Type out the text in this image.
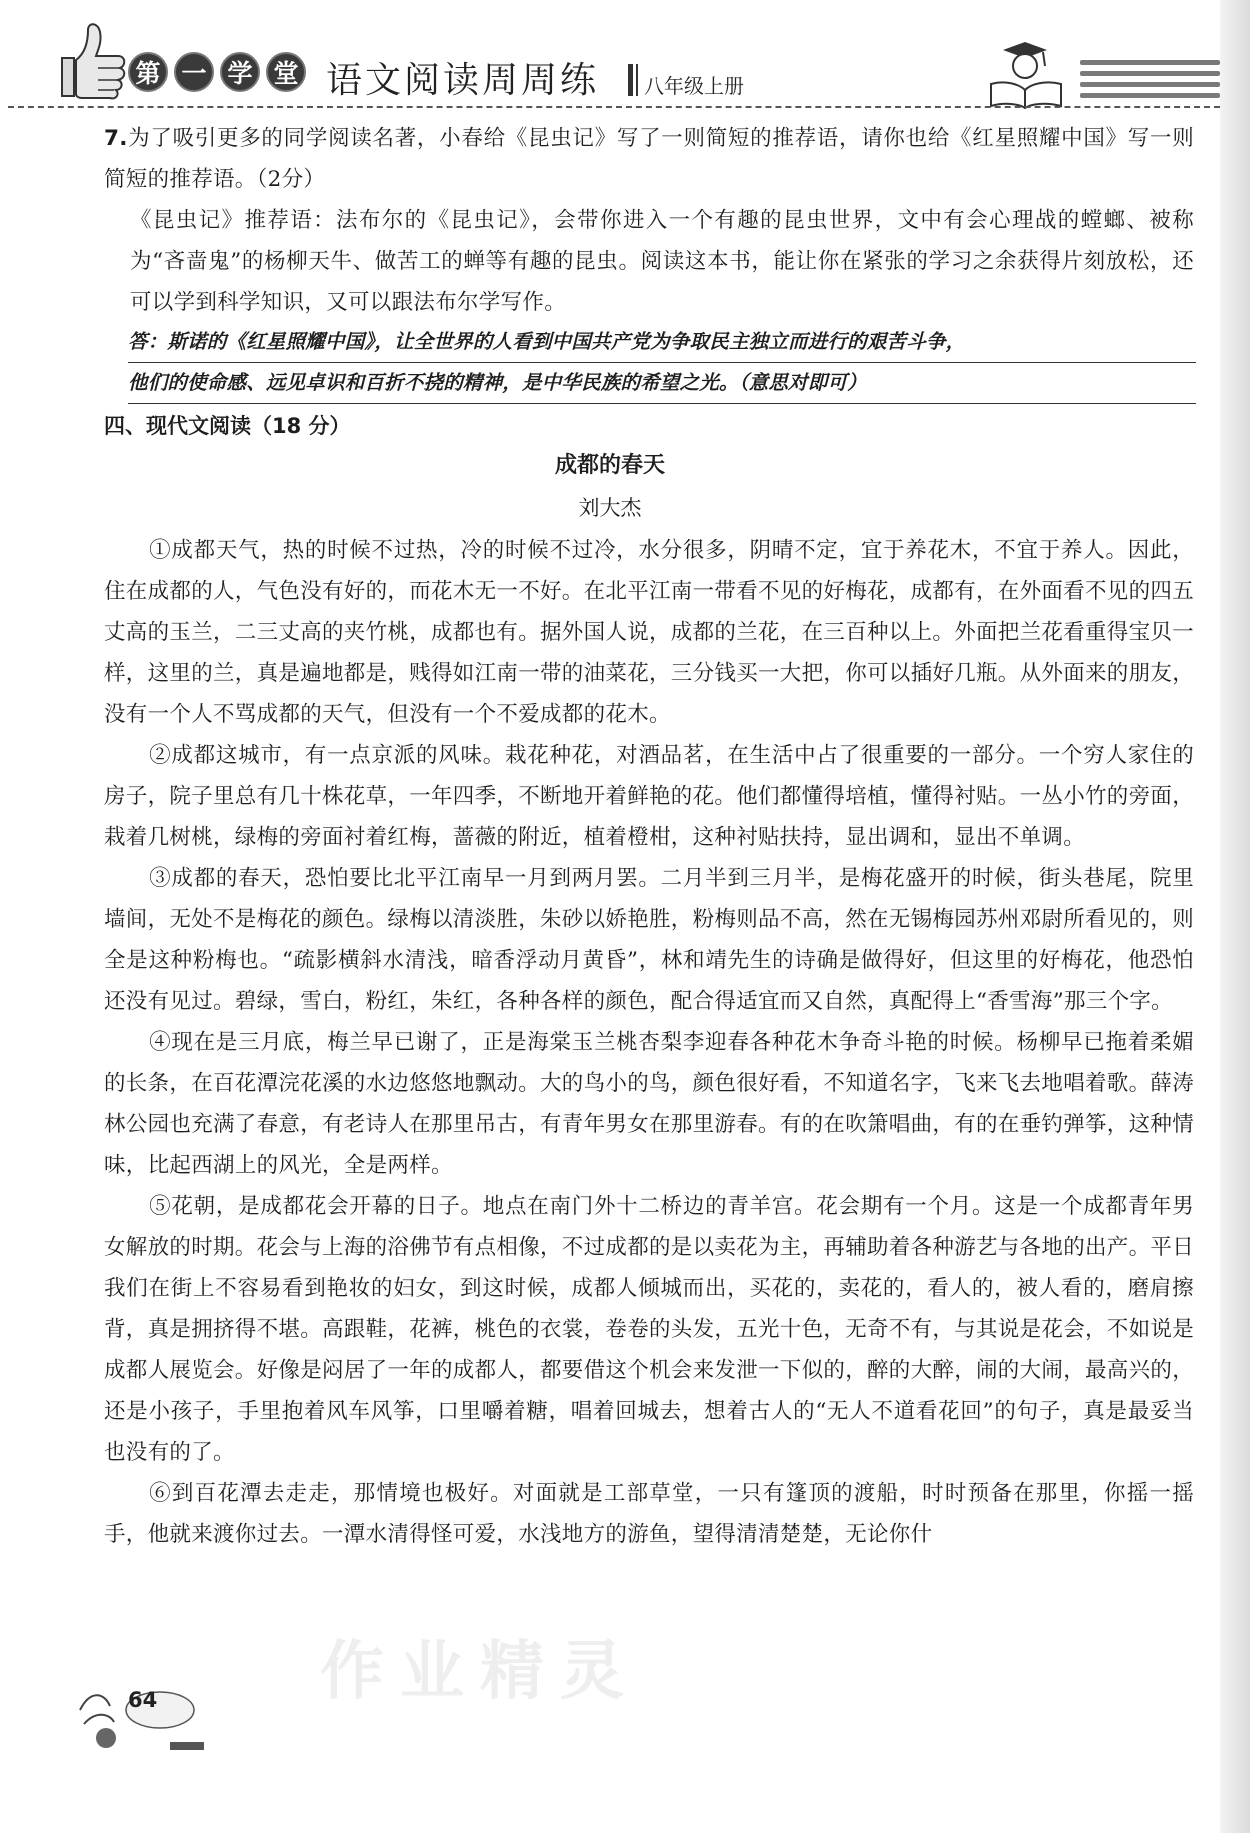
第 一 学 堂 语文阅读周周练 八年级上册

7.为了吸引更多的同学阅读名著，小春给《昆虫记》写了一则简短的推荐语，请你也给《红星照耀中国》写一则简短的推荐语。（2分）

《昆虫记》推荐语：法布尔的《昆虫记》，会带你进入一个有趣的昆虫世界，文中有会心理战的螳螂、被称为“吝啬鬼”的杨柳天牛、做苦工的蝉等有趣的昆虫。阅读这本书，能让你在紧张的学习之余获得片刻放松，还可以学到科学知识，又可以跟法布尔学写作。

答：斯诺的《红星照耀中国》，让全世界的人看到中国共产党为争取民主独立而进行的艰苦斗争，

他们的使命感、远见卓识和百折不挠的精神，是中华民族的希望之光。（意思对即可）

四、现代文阅读（18 分）
成都的春天
刘大杰

①成都天气，热的时候不过热，冷的时候不过冷，水分很多，阴晴不定，宜于养花木，不宜于养人。因此，住在成都的人，气色没有好的，而花木无一不好。在北平江南一带看不见的好梅花，成都有，在外面看不见的四五丈高的玉兰，二三丈高的夹竹桃，成都也有。据外国人说，成都的兰花，在三百种以上。外面把兰花看重得宝贝一样，这里的兰，真是遍地都是，贱得如江南一带的油菜花，三分钱买一大把，你可以插好几瓶。从外面来的朋友，没有一个人不骂成都的天气，但没有一个不爱成都的花木。

②成都这城市，有一点京派的风味。栽花种花，对酒品茗，在生活中占了很重要的一部分。一个穷人家住的房子，院子里总有几十株花草，一年四季，不断地开着鲜艳的花。他们都懂得培植，懂得衬贴。一丛小竹的旁面，栽着几树桃，绿梅的旁面衬着红梅，蔷薇的附近，植着橙柑，这种衬贴扶持，显出调和，显出不单调。

③成都的春天，恐怕要比北平江南早一月到两月罢。二月半到三月半，是梅花盛开的时候，街头巷尾，院里墙间，无处不是梅花的颜色。绿梅以清淡胜，朱砂以娇艳胜，粉梅则品不高，然在无锡梅园苏州邓尉所看见的，则全是这种粉梅也。“疏影横斜水清浅，暗香浮动月黄昏”，林和靖先生的诗确是做得好，但这里的好梅花，他恐怕还没有见过。碧绿，雪白，粉红，朱红，各种各样的颜色，配合得适宜而又自然，真配得上“香雪海”那三个字。

④现在是三月底，梅兰早已谢了，正是海棠玉兰桃杏梨李迎春各种花木争奇斗艳的时候。杨柳早已拖着柔媚的长条，在百花潭浣花溪的水边悠悠地飘动。大的鸟小的鸟，颜色很好看，不知道名字，飞来飞去地唱着歌。薛涛林公园也充满了春意，有老诗人在那里吊古，有青年男女在那里游春。有的在吹箫唱曲，有的在垂钓弹筝，这种情味，比起西湖上的风光，全是两样。

⑤花朝，是成都花会开幕的日子。地点在南门外十二桥边的青羊宫。花会期有一个月。这是一个成都青年男女解放的时期。花会与上海的浴佛节有点相像，不过成都的是以卖花为主，再辅助着各种游艺与各地的出产。平日我们在街上不容易看到艳妆的妇女，到这时候，成都人倾城而出，买花的，卖花的，看人的，被人看的，磨肩擦背，真是拥挤得不堪。高跟鞋，花裤，桃色的衣裳，卷卷的头发，五光十色，无奇不有，与其说是花会，不如说是成都人展览会。好像是闷居了一年的成都人，都要借这个机会来发泄一下似的，醉的大醉，闹的大闹，最高兴的，还是小孩子，手里抱着风车风筝，口里嚼着糖，唱着回城去，想着古人的“无人不道看花回”的句子，真是最妥当也没有的了。

⑥到百花潭去走走，那情境也极好。对面就是工部草堂，一只有篷顶的渡船，时时预备在那里，你摇一摇手，他就来渡你过去。一潭水清得怪可爱，水浅地方的游鱼，望得清清楚楚，无论你什

作业精灵
64
